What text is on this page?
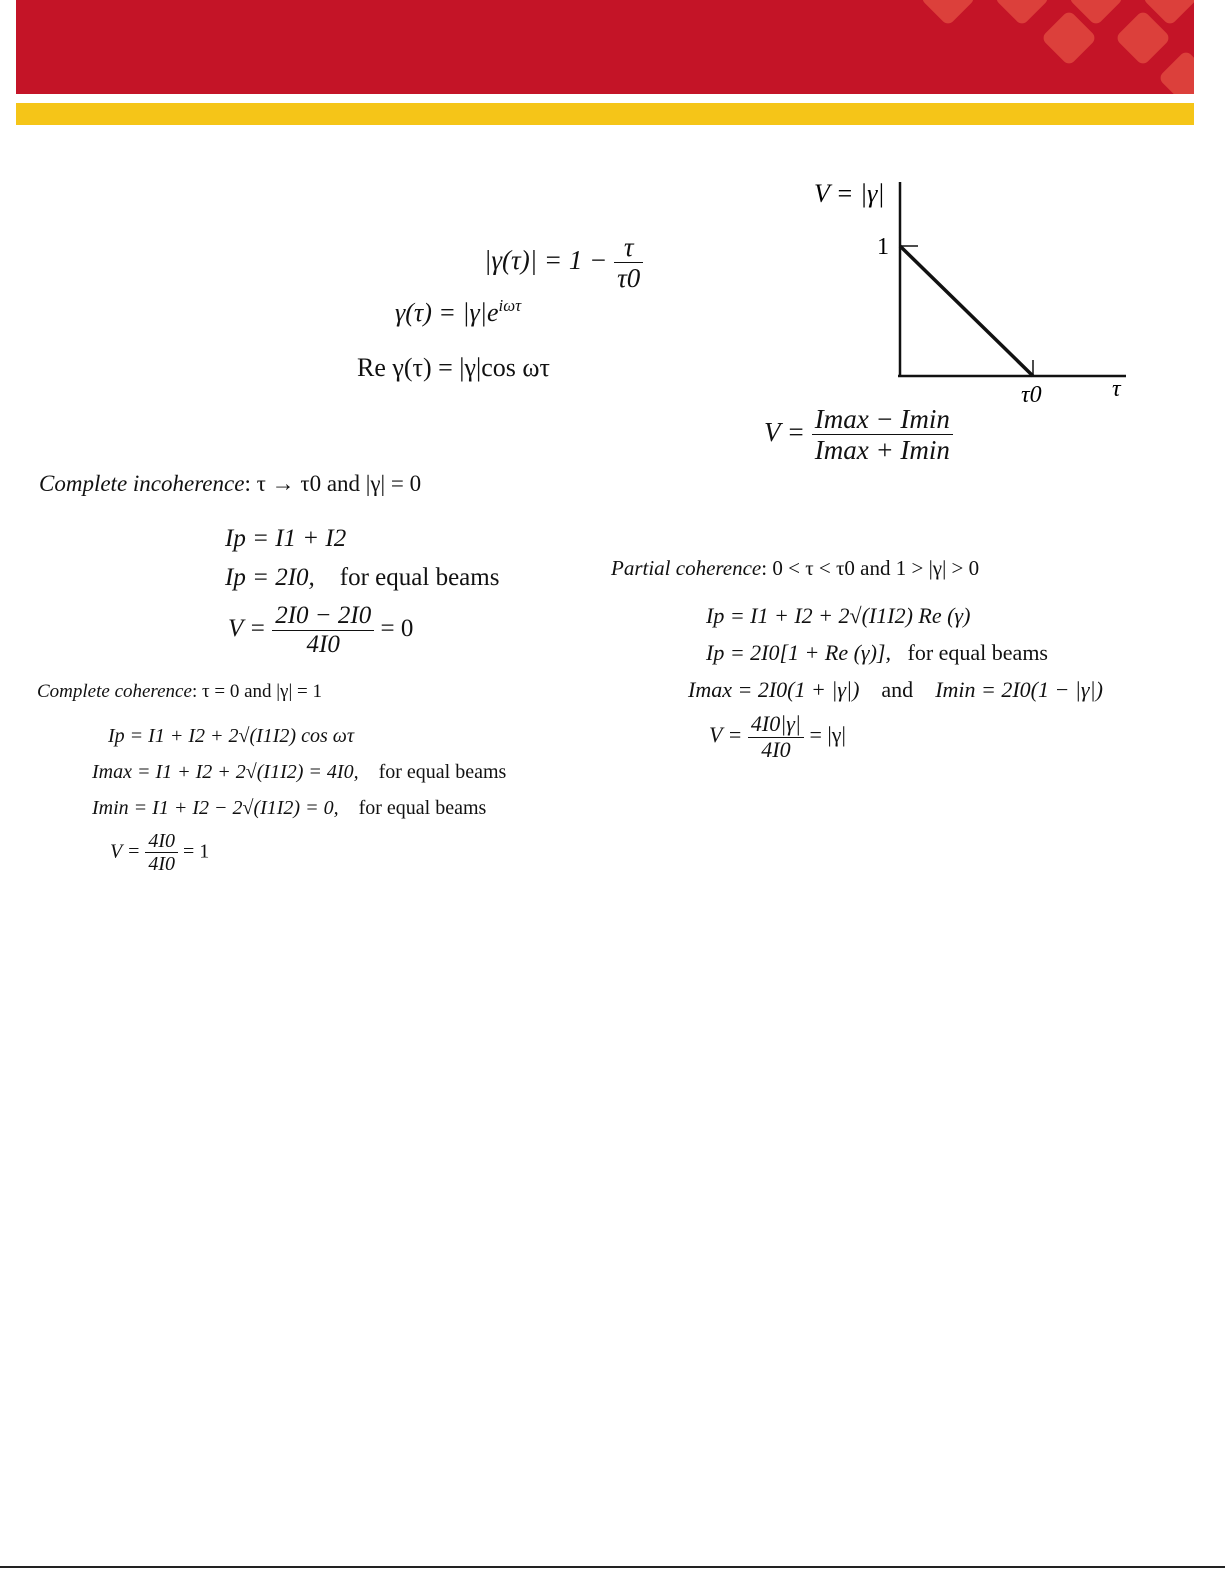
$|\gamma(\tau)| = 1 - \frac{\tau}{\tau 0}$
$\gamma(\tau) = |\gamma|e^{i\omega\tau}$
Re γ(τ) = |γ|cos ωτ
V = |γ|
1
τ0	τ
$V = \frac{Imax - Imin}{Imax + Imin}$
Complete incoherence: τ → τ0 and |γ| = 0
Ip = I1 + I2
Ip = 2I0, for equal beams
$V = \frac{2I0 - 2I0}{4I0} = 0$
Complete coherence: τ = 0 and |γ| = 1
Ip = I1 + I2 + 2√(I1I2) cos ωτ
Imax = I1 + I2 + 2√(I1I2) = 4I0, for equal beams
Imin = I1 + I2 − 2√(I1I2) = 0, for equal beams
$V = \frac{4I0}{4I0} = 1$
Partial coherence: 0 < τ < τ0 and 1 > |γ| > 0
Ip = I1 + I2 + 2√(I1I2) Re (γ)
Ip = 2I0[1 + Re (γ)], for equal beams
Imax = 2I0(1 + |γ|) and Imin = 2I0(1 − |γ|)
$V = \frac{4I0|\gamma|}{4I0} = |\gamma|$
